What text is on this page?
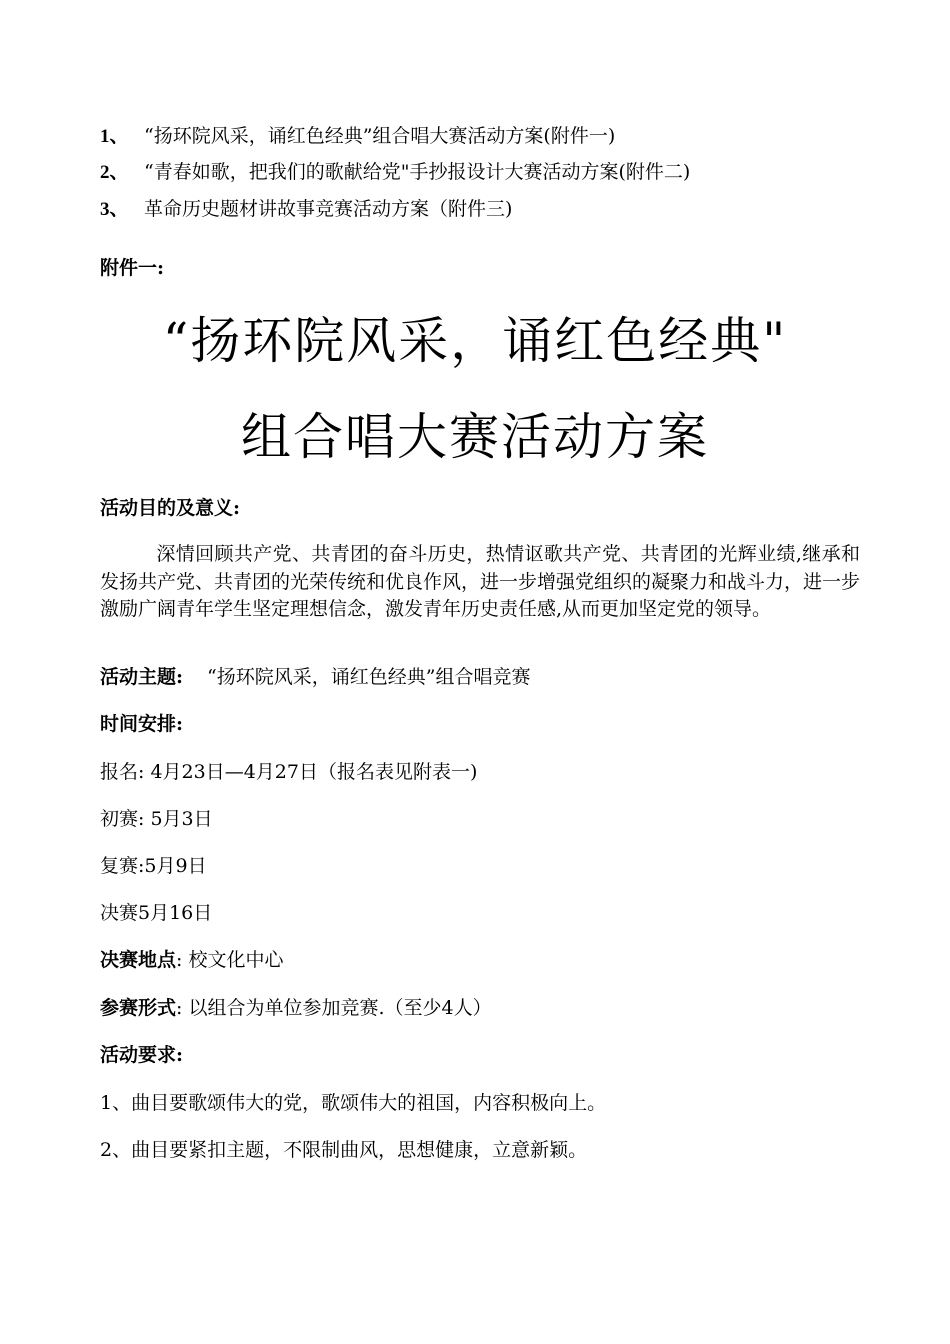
1、 “扬环院风采，诵红色经典”组合唱大赛活动方案(附件一)
2、 “青春如歌，把我们的歌献给党"手抄报设计大赛活动方案(附件二)
3、 革命历史题材讲故事竞赛活动方案（附件三)
附件一:
“扬环院风采，诵红色经典"
组合唱大赛活动方案
活动目的及意义:
深情回顾共产党、共青团的奋斗历史，热情讴歌共产党、共青团的光辉业绩,继承和发扬共产党、共青团的光荣传统和优良作风，进一步增强党组织的凝聚力和战斗力，进一步激励广阔青年学生坚定理想信念，激发青年历史责任感,从而更加坚定党的领导。
活动主题: “扬环院风采，诵红色经典”组合唱竞赛
时间安排:
报名: 4月23日—4月27日（报名表见附表一)
初赛: 5月3日
复赛:5月9日
决赛5月16日
决赛地点: 校文化中心
参赛形式: 以组合为单位参加竞赛.（至少4人）
活动要求:
1、曲目要歌颂伟大的党，歌颂伟大的祖国，内容积极向上。
2、曲目要紧扣主题，不限制曲风，思想健康，立意新颖。
